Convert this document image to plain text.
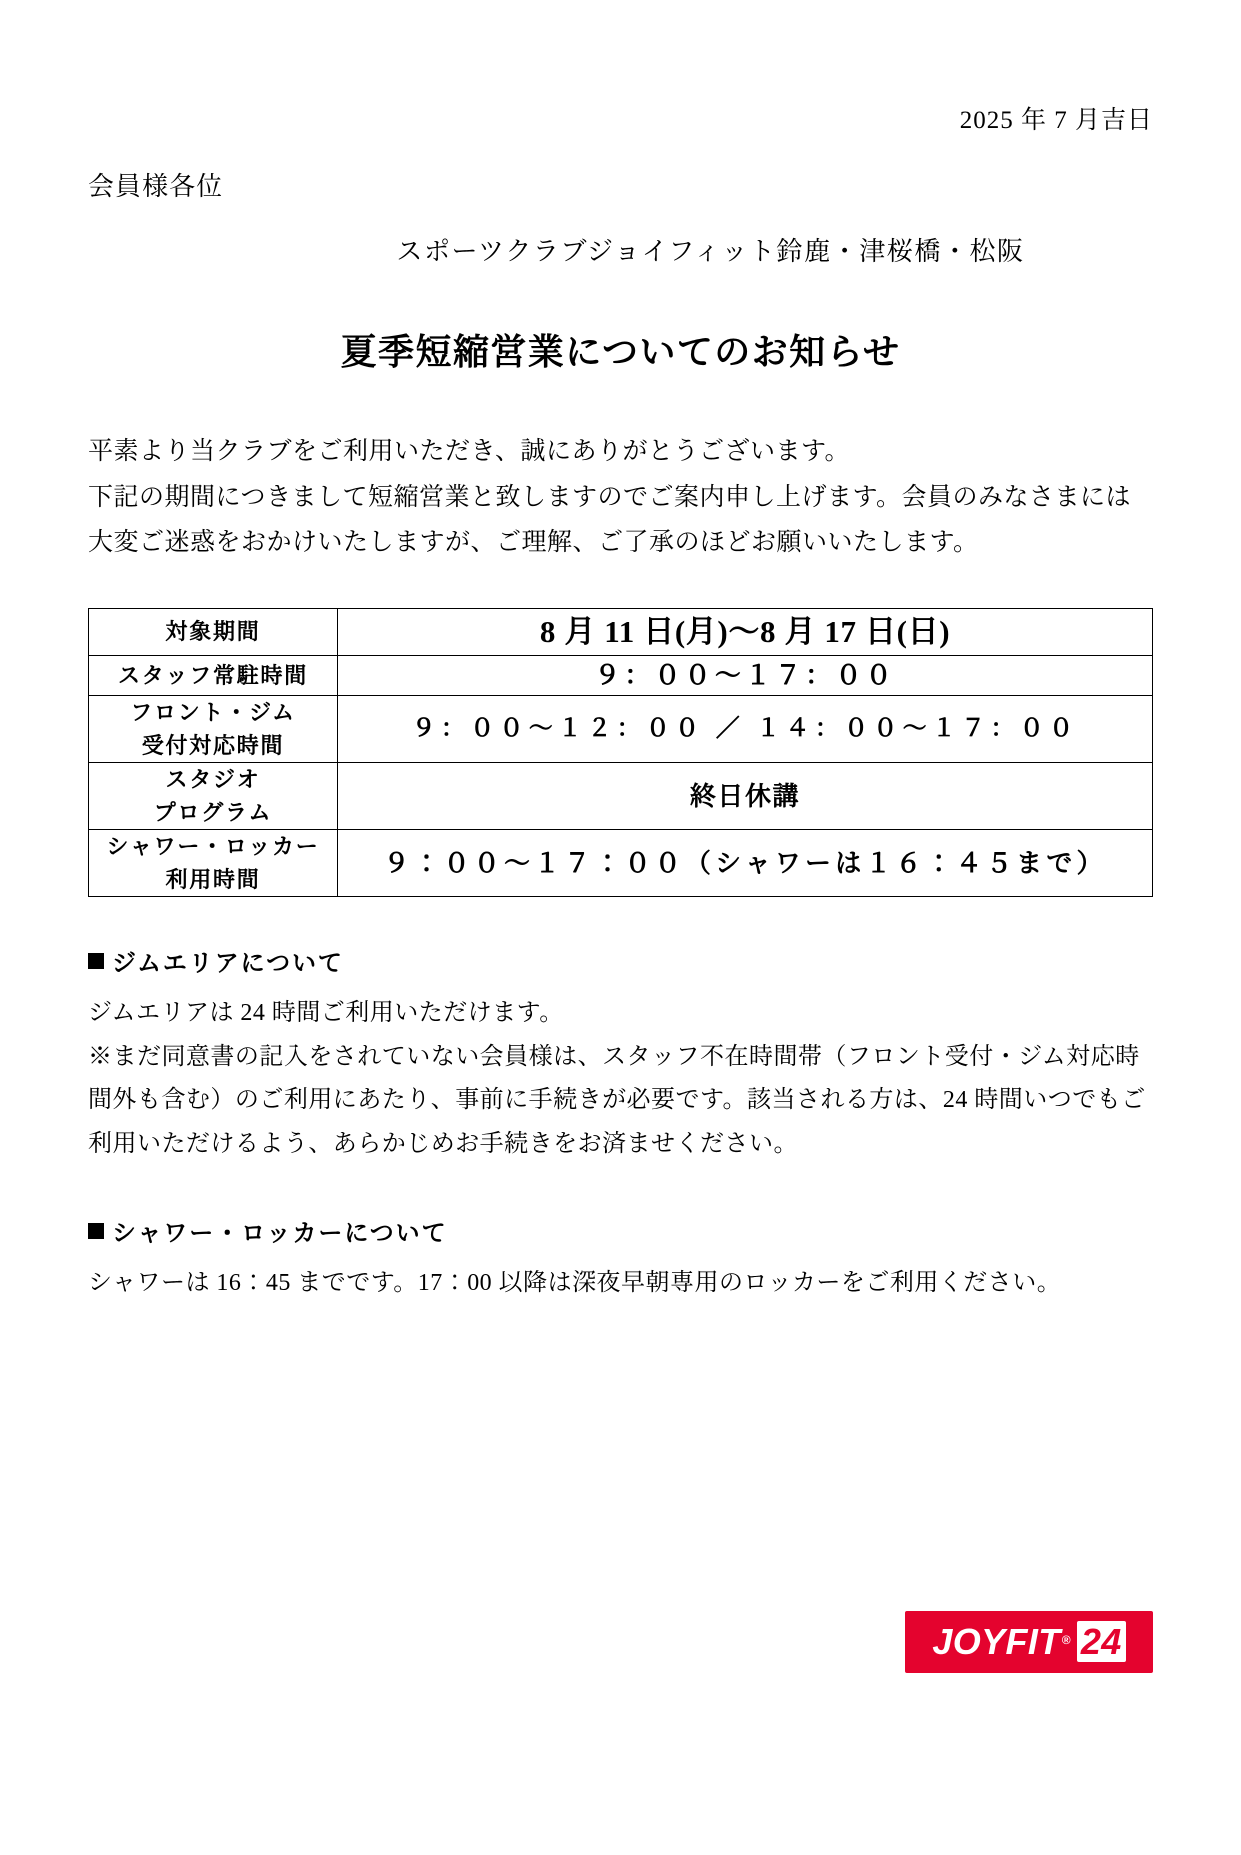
2025 年 7 月吉日
会員様各位
スポーツクラブジョイフィット鈴鹿・津桜橋・松阪
夏季短縮営業についてのお知らせ

平素より当クラブをご利用いただき、誠にありがとうございます。

下記の期間につきまして短縮営業と致しますのでご案内申し上げます。会員のみなさまには大変ご迷惑をおかけいたしますが、ご理解、ご了承のほどお願いいたします。

対象期間	8 月 11 日(月)〜8 月 17 日(日)
スタッフ常駐時間	９：００〜１７：００

フロント・ジム
受付対応時間	９：００〜１２：００ ／ １４：００〜１７：００

スタジオ
プログラム	終日休講

シャワー・ロッカー
利用時間	９：００〜１７：００（シャワーは１６：４５まで）
ジムエリアについて

ジムエリアは 24 時間ご利用いただけます。

※まだ同意書の記入をされていない会員様は、スタッフ不在時間帯（フロント受付・ジム対応時間外も含む）のご利用にあたり、事前に手続きが必要です。該当される方は、24 時間いつでもご利用いただけるよう、あらかじめお手続きをお済ませください。

シャワー・ロッカーについて

シャワーは 16：45 までです。17：00 以降は深夜早朝専用のロッカーをご利用ください。

JOYFIT® 24
